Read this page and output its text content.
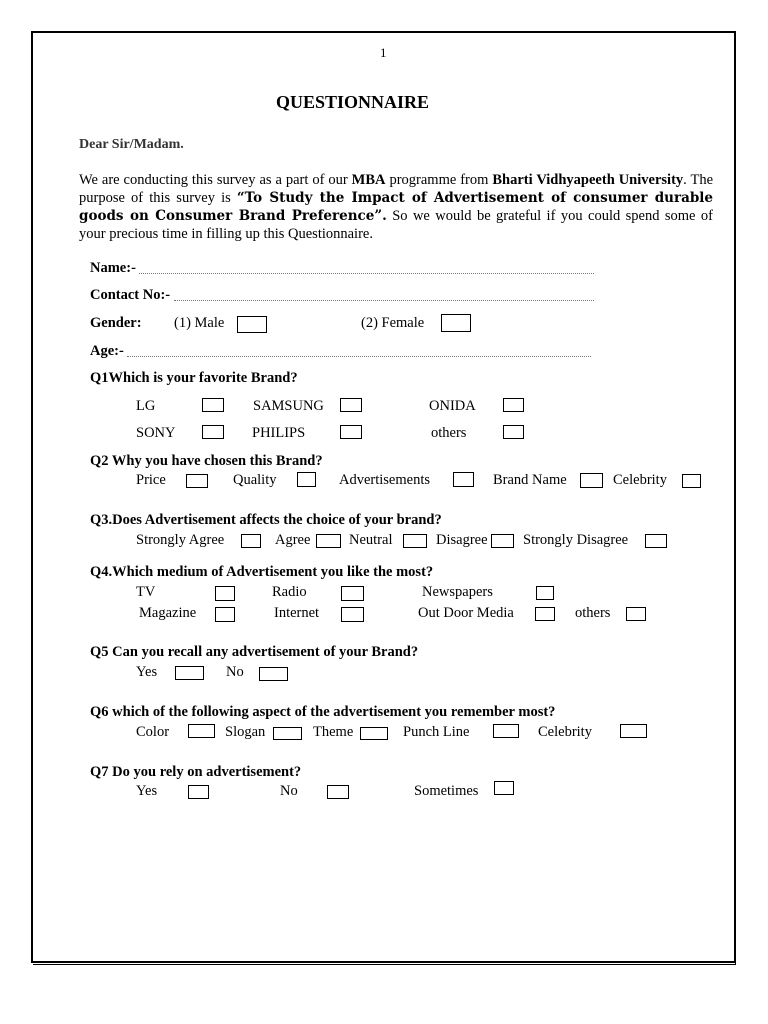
1
QUESTIONNAIRE
Dear Sir/Madam.
We are conducting this survey as a part of our MBA programme from Bharti Vidhyapeeth University. The purpose of this survey is “To Study the Impact of Advertisement of consumer durable goods on Consumer Brand Preference”. So we would be grateful if you could spend some of your precious time in filling up this Questionnaire.
Name:-
Contact No:-
Gender: (1) Male	(2) Female
Age:-
Q1Which is your favorite Brand?
LG	SAMSUNG	ONIDA
SONY	PHILIPS	others
Q2 Why you have chosen this Brand?
Price	Quality	Advertisements	Brand Name	Celebrity
Q3.Does Advertisement affects the choice of your brand?
Strongly Agree	Agree	Neutral	Disagree Strongly Disagree
Q4.Which medium of Advertisement you like the most?
TV	Radio	Newspapers
Magazine	Internet	Out Door Media	others
Q5 Can you recall any advertisement of your Brand?
Yes	No
Q6 which of the following aspect of the advertisement you remember most?
Color	Slogan	Theme	Punch Line	Celebrity
Q7 Do you rely on advertisement?
Yes	No	Sometimes
